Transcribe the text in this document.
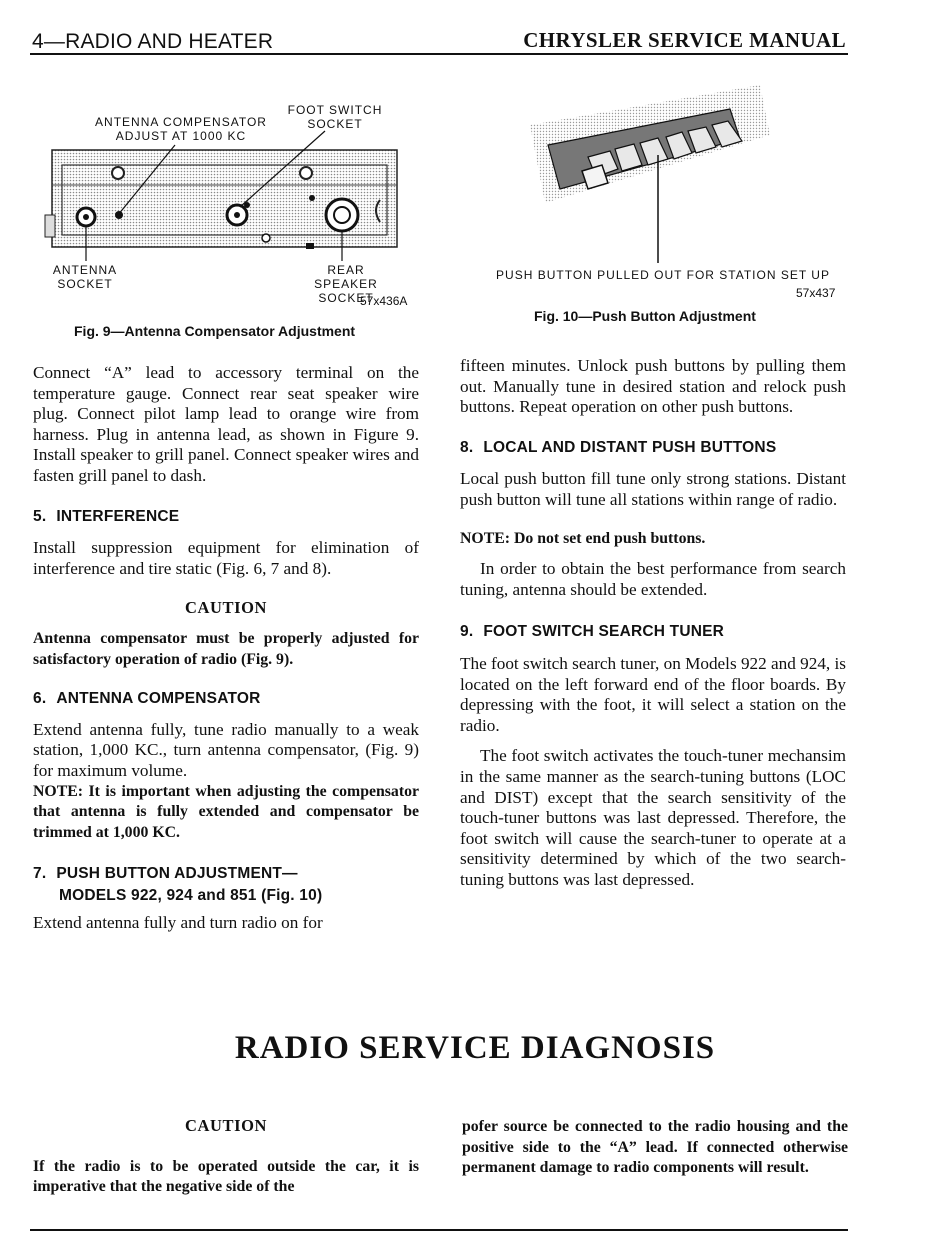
4—RADIO AND HEATER	CHRYSLER SERVICE MANUAL
ANTENNA COMPENSATOR
ADJUST AT 1000 KC
FOOT SWITCH
SOCKET
ANTENNA
SOCKET
REAR SPEAKER
SOCKET
57x436A
Fig. 9—Antenna Compensator Adjustment
PUSH BUTTON PULLED OUT FOR STATION SET UP
57x437
Fig. 10—Push Button Adjustment

Connect “A” lead to accessory terminal on the temperature gauge. Connect rear seat speaker wire plug. Connect pilot lamp lead to orange wire from harness. Plug in antenna lead, as shown in Figure 9. Install speaker to grill panel. Connect speaker wires and fasten grill panel to dash.

5. INTERFERENCE

Install suppression equipment for elimination of interference and tire static (Fig. 6, 7 and 8).

CAUTION

Antenna compensator must be properly adjusted for satisfactory operation of radio (Fig. 9).

6. ANTENNA COMPENSATOR

Extend antenna fully, tune radio manually to a weak station, 1,000 KC., turn antenna compensator, (Fig. 9) for maximum volume.

NOTE: It is important when adjusting the compensator that antenna is fully extended and compensator be trimmed at 1,000 KC.

7. PUSH BUTTON ADJUSTMENT—
MODELS 922, 924 and 851 (Fig. 10)

Extend antenna fully and turn radio on for

fifteen minutes. Unlock push buttons by pulling them out. Manually tune in desired station and relock push buttons. Repeat operation on other push buttons.

8. LOCAL AND DISTANT PUSH BUTTONS

Local push button fill tune only strong stations. Distant push button will tune all stations within range of radio.

NOTE: Do not set end push buttons.

In order to obtain the best performance from search tuning, antenna should be extended.

9. FOOT SWITCH SEARCH TUNER

The foot switch search tuner, on Models 922 and 924, is located on the left forward end of the floor boards. By depressing with the foot, it will select a station on the radio.

The foot switch activates the touch-tuner mechansim in the same manner as the search-tuning buttons (LOC and DIST) except that the search sensitivity of the touch-tuner buttons was last depressed. Therefore, the foot switch will cause the search-tuner to operate at a sensitivity determined by which of the two search-tuning buttons was last depressed.

RADIO SERVICE DIAGNOSIS

CAUTION

If the radio is to be operated outside the car, it is imperative that the negative side of the

pofer source be connected to the radio housing and the positive side to the “A” lead. If connected otherwise permanent damage to radio components will result.
